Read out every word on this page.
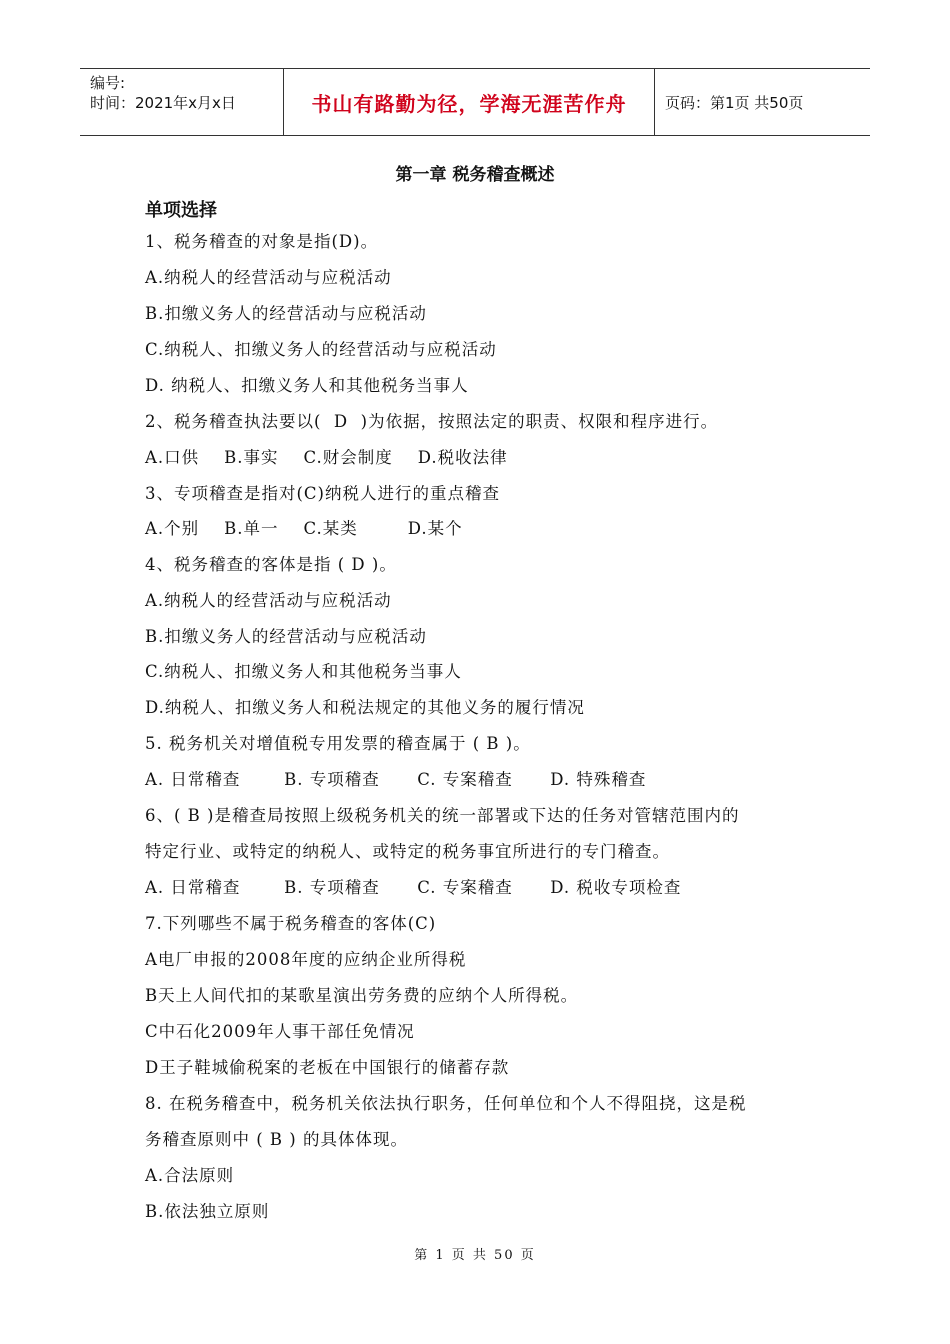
编号:
时间：2021年x月x日	书山有路勤为径，学海无涯苦作舟	页码：第1页 共50页
第一章 税务稽查概述
单项选择
1、税务稽查的对象是指(D)。
A.纳税人的经营活动与应税活动
B.扣缴义务人的经营活动与应税活动
C.纳税人、扣缴义务人的经营活动与应税活动
D. 纳税人、扣缴义务人和其他税务当事人
2、税务稽查执法要以(  D  )为依据，按照法定的职责、权限和程序进行。
A.口供    B.事实    C.财会制度    D.税收法律
3、专项稽查是指对(C)纳税人进行的重点稽查
A.个别    B.单一    C.某类        D.某个
4、税务稽查的客体是指 ( D )。
A.纳税人的经营活动与应税活动
B.扣缴义务人的经营活动与应税活动
C.纳税人、扣缴义务人和其他税务当事人
D.纳税人、扣缴义务人和税法规定的其他义务的履行情况
5. 税务机关对增值税专用发票的稽查属于 ( B )。
A. 日常稽查       B. 专项稽查      C. 专案稽查      D. 特殊稽查
6、( B )是稽查局按照上级税务机关的统一部署或下达的任务对管辖范围内的
特定行业、或特定的纳税人、或特定的税务事宜所进行的专门稽查。
A. 日常稽查       B. 专项稽查      C. 专案稽查      D. 税收专项检查
7.下列哪些不属于税务稽查的客体(C)
A电厂申报的2008年度的应纳企业所得税
B天上人间代扣的某歌星演出劳务费的应纳个人所得税。
C中石化2009年人事干部任免情况
D王子鞋城偷税案的老板在中国银行的储蓄存款
8. 在税务稽查中，税务机关依法执行职务，任何单位和个人不得阻挠，这是税
务稽查原则中 ( B ) 的具体体现。
A.合法原则
B.依法独立原则
第 1 页 共 50 页
